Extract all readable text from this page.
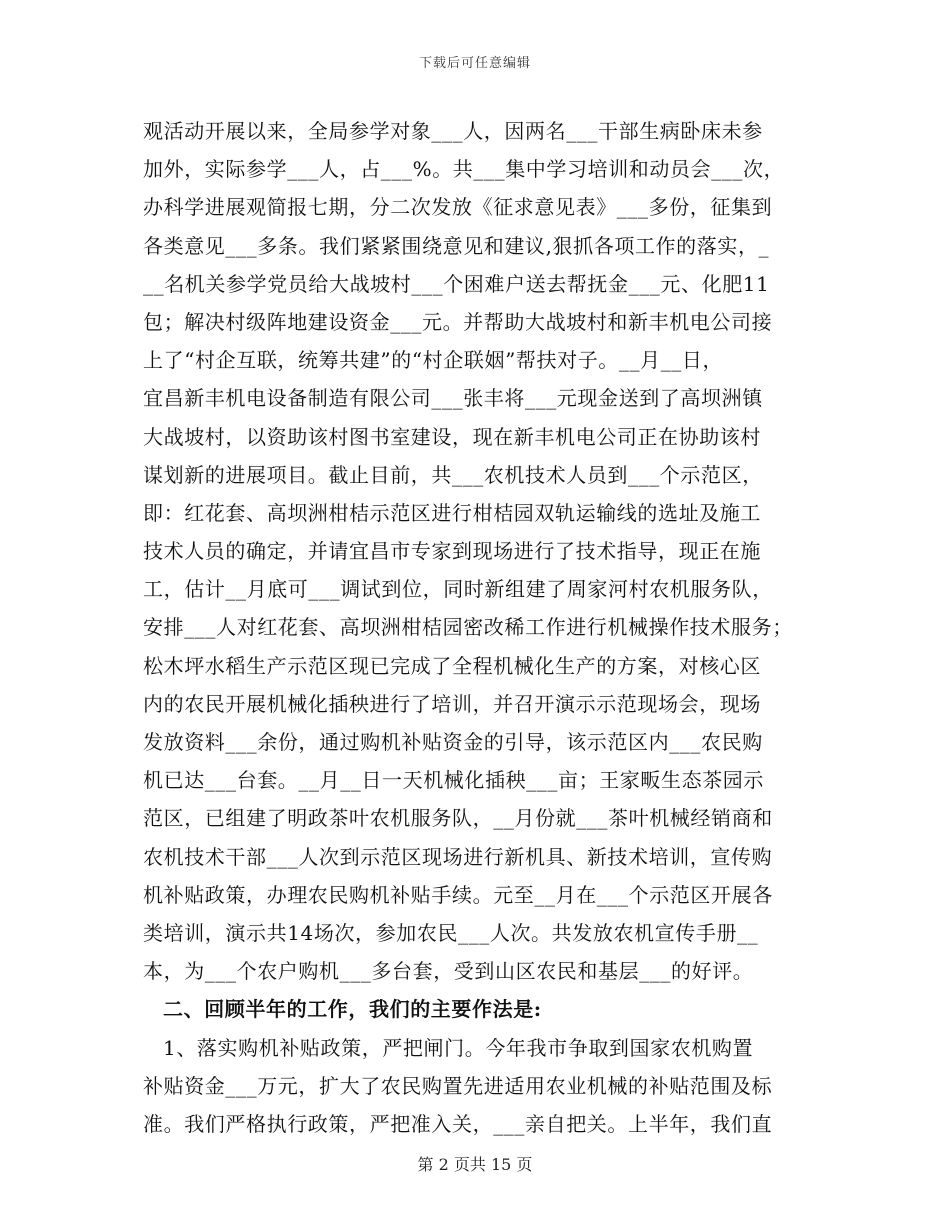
下载后可任意编辑
观活动开展以来，全局参学对象___人，因两名___干部生病卧床未参
加外，实际参学___人，占___%。共___集中学习培训和动员会___次，
办科学进展观简报七期，分二次发放《征求意见表》___多份，征集到
各类意见___多条。我们紧紧围绕意见和建议,狠抓各项工作的落实，_
__名机关参学党员给大战坡村___个困难户送去帮抚金___元、化肥11
包；解决村级阵地建设资金___元。并帮助大战坡村和新丰机电公司接
上了“村企互联，统筹共建”的“村企联姻”帮扶对子。__月__日，
宜昌新丰机电设备制造有限公司___张丰将___元现金送到了高坝洲镇
大战坡村，以资助该村图书室建设，现在新丰机电公司正在协助该村
谋划新的进展项目。截止目前，共___农机技术人员到___个示范区，
即：红花套、高坝洲柑桔示范区进行柑桔园双轨运输线的选址及施工
技术人员的确定，并请宜昌市专家到现场进行了技术指导，现正在施
工，估计__月底可___调试到位，同时新组建了周家河村农机服务队，
安排___人对红花套、高坝洲柑桔园密改稀工作进行机械操作技术服务；
松木坪水稻生产示范区现已完成了全程机械化生产的方案，对核心区
内的农民开展机械化插秧进行了培训，并召开演示示范现场会，现场
发放资料___余份，通过购机补贴资金的引导，该示范区内___农民购
机已达___台套。__月__日一天机械化插秧___亩；王家畈生态茶园示
范区，已组建了明政茶叶农机服务队，__月份就___茶叶机械经销商和
农机技术干部___人次到示范区现场进行新机具、新技术培训，宣传购
机补贴政策，办理农民购机补贴手续。元至__月在___个示范区开展各
类培训，演示共14场次，参加农民___人次。共发放农机宣传手册__
本，为___个农户购机___多台套，受到山区农民和基层___的好评。
二、回顾半年的工作，我们的主要作法是:
1、落实购机补贴政策，严把闸门。今年我市争取到国家农机购置
补贴资金___万元，扩大了农民购置先进适用农业机械的补贴范围及标
准。我们严格执行政策，严把准入关，___亲自把关。上半年，我们直
第 2 页共 15 页
